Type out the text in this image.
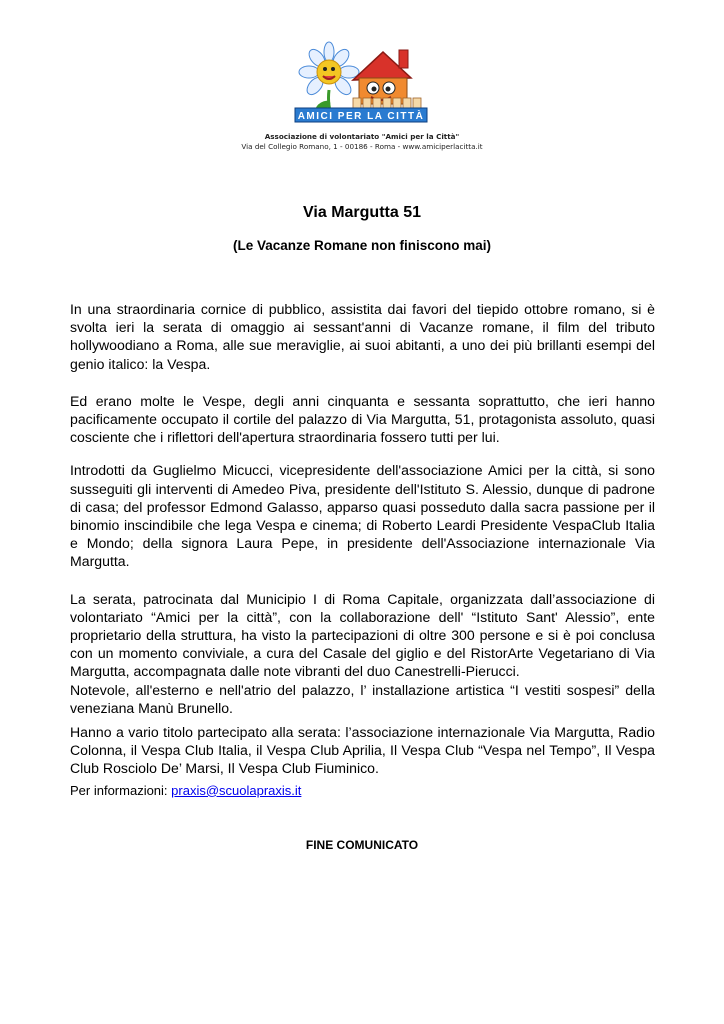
AMICI PER LA CITTÀ
Associazione di volontariato "Amici per la Città"
Via del Collegio Romano, 1 - 00186 - Roma - www.amiciperlacitta.it
Via Margutta 51
(Le Vacanze Romane non finiscono mai)

In una straordinaria cornice di pubblico, assistita dai favori del tiepido ottobre romano, si è svolta ieri la serata di omaggio ai sessant'anni di Vacanze romane, il film del tributo hollywoodiano a Roma, alle sue meraviglie, ai suoi abitanti, a uno dei più brillanti esempi del genio italico: la Vespa.

Ed erano molte le Vespe, degli anni cinquanta e sessanta soprattutto, che ieri hanno pacificamente occupato il cortile del palazzo di Via Margutta, 51, protagonista assoluto, quasi cosciente che i riflettori dell'apertura straordinaria fossero tutti per lui.

Introdotti da Guglielmo Micucci, vicepresidente dell'associazione Amici per la città, si sono susseguiti gli interventi di Amedeo Piva, presidente dell'Istituto S. Alessio, dunque di padrone di casa; del professor Edmond Galasso, apparso quasi posseduto dalla sacra passione per il binomio inscindibile che lega Vespa e cinema; di Roberto Leardi Presidente VespaClub Italia e Mondo; della signora Laura Pepe, in presidente dell'Associazione internazionale Via Margutta.

La serata, patrocinata dal Municipio I di Roma Capitale, organizzata dall’associazione di volontariato “Amici per la città”, con la collaborazione dell' “Istituto Sant' Alessio”, ente proprietario della struttura, ha visto la partecipazioni di oltre 300 persone e si è poi conclusa con un momento conviviale, a cura del Casale del giglio e del RistorArte Vegetariano di Via Margutta, accompagnata dalle note vibranti del duo Canestrelli-Pierucci.

Notevole, all'esterno e nell'atrio del palazzo, l’ installazione artistica “I vestiti sospesi” della veneziana Manù Brunello.

Hanno a vario titolo partecipato alla serata: l’associazione internazionale Via Margutta, Radio Colonna, il Vespa Club Italia, il Vespa Club Aprilia, Il Vespa Club “Vespa nel Tempo”, Il Vespa Club Rosciolo De’ Marsi, Il Vespa Club Fiuminico.

Per informazioni: praxis@scuolapraxis.it

FINE COMUNICATO
